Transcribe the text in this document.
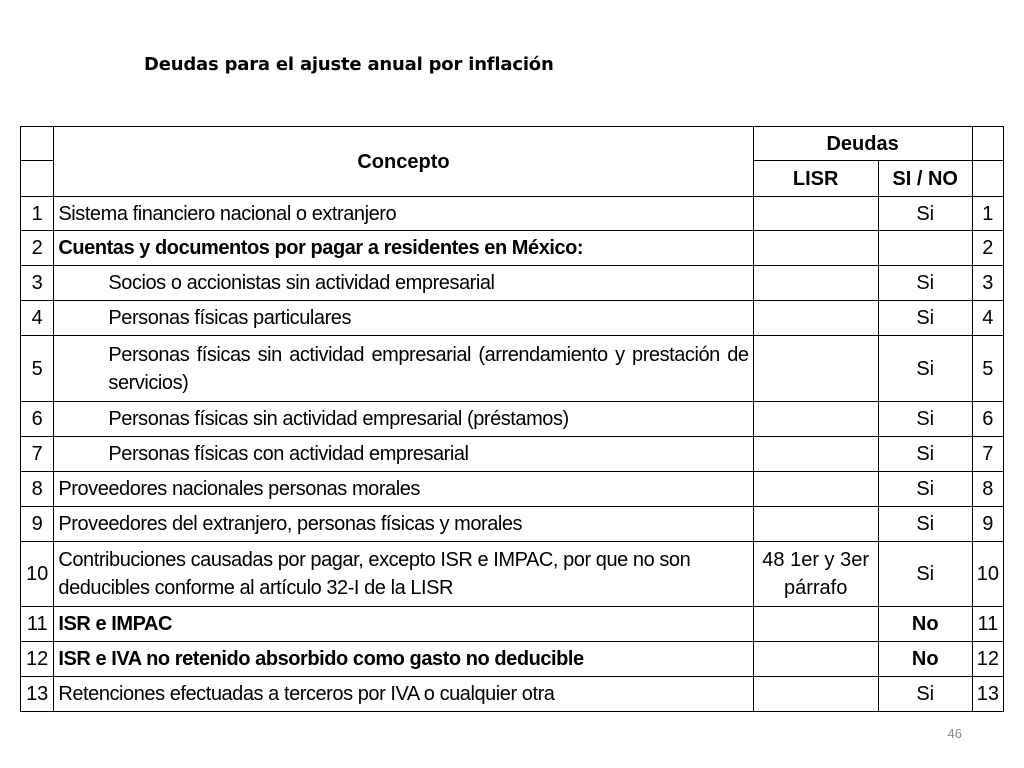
Deudas para el ajuste anual por inflación
	Concepto	Deudas		
		LISR	SI / NO	
1	Sistema financiero nacional o extranjero		Si	1
2	Cuentas y documentos por pagar a residentes en México:			2
3	Socios o accionistas sin actividad empresarial		Si	3
4	Personas físicas particulares		Si	4
5	Personas físicas sin actividad empresarial (arrendamiento y prestación de servicios)		Si	5
6	Personas físicas sin actividad empresarial (préstamos)		Si	6
7	Personas físicas con actividad empresarial		Si	7
8	Proveedores nacionales personas morales		Si	8
9	Proveedores del extranjero, personas físicas y morales		Si	9
10	Contribuciones causadas por pagar, excepto ISR e IMPAC, por que no son deducibles conforme al artículo 32-I de la LISR	48 1er y 3er párrafo	Si	10
11	ISR e IMPAC		No	11
12	ISR e IVA no retenido absorbido como gasto no deducible		No	12
13	Retenciones efectuadas a terceros por IVA o cualquier otra		Si	13
46
